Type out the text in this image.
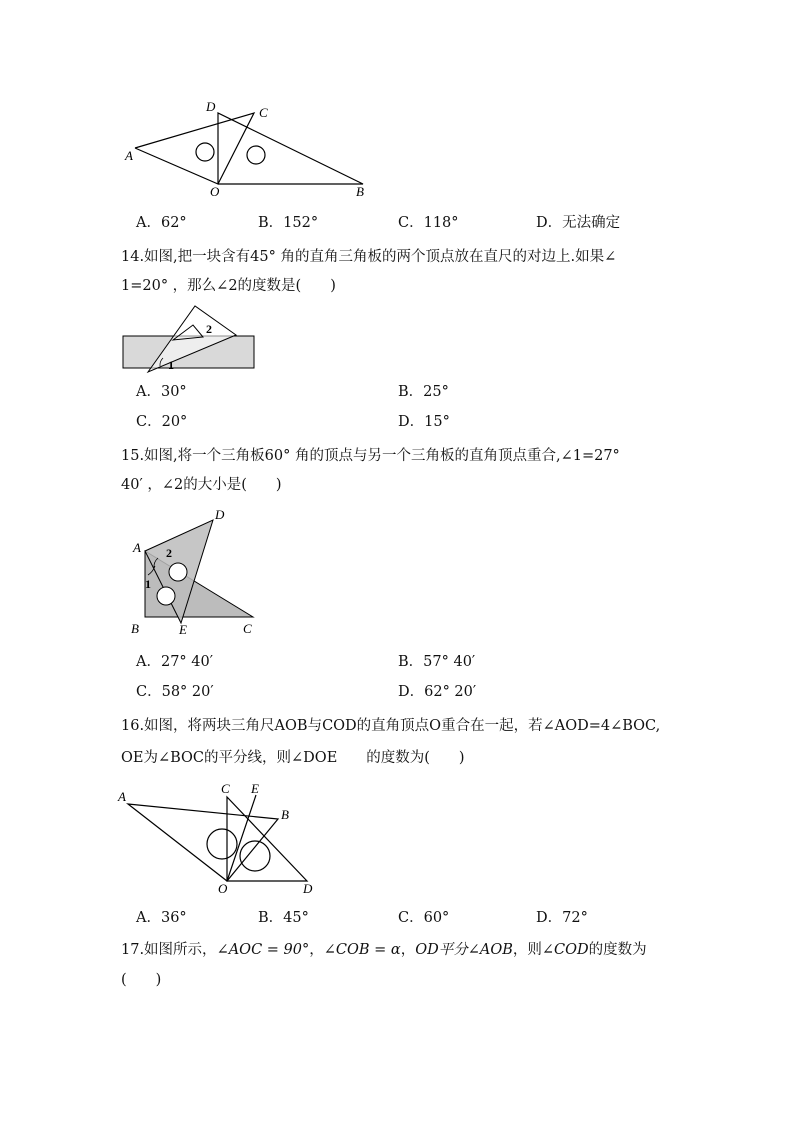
A
B
C
D
O
A．62°	B．152°	C．118°	D．无法确定
14.如图,把一块含有45° 角的直角三角板的两个顶点放在直尺的对边上.如果∠
1=20° ，那么∠2的度数是(　　)
1
2
A．30°	B．25°
C．20°	D．15°
15.如图,将一个三角板60° 角的顶点与另一个三角板的直角顶点重合,∠1=27°
40′ ，∠2的大小是(　　)
A
B	C
D
E
2
1
A．27° 40′	B．57° 40′
C．58° 20′	D．62° 20′
16.如图，将两块三角尺AOB与COD的直角顶点O重合在一起，若∠AOD=4∠BOC,
OE为∠BOC的平分线，则∠DOE　　的度数为(　　)
A
B
C E
O	D
A．36°	B．45°	C．60°	D．72°
17.如图所示，∠AOC = 90°，∠COB = α，OD平分∠AOB，则∠COD的度数为
(　　)
